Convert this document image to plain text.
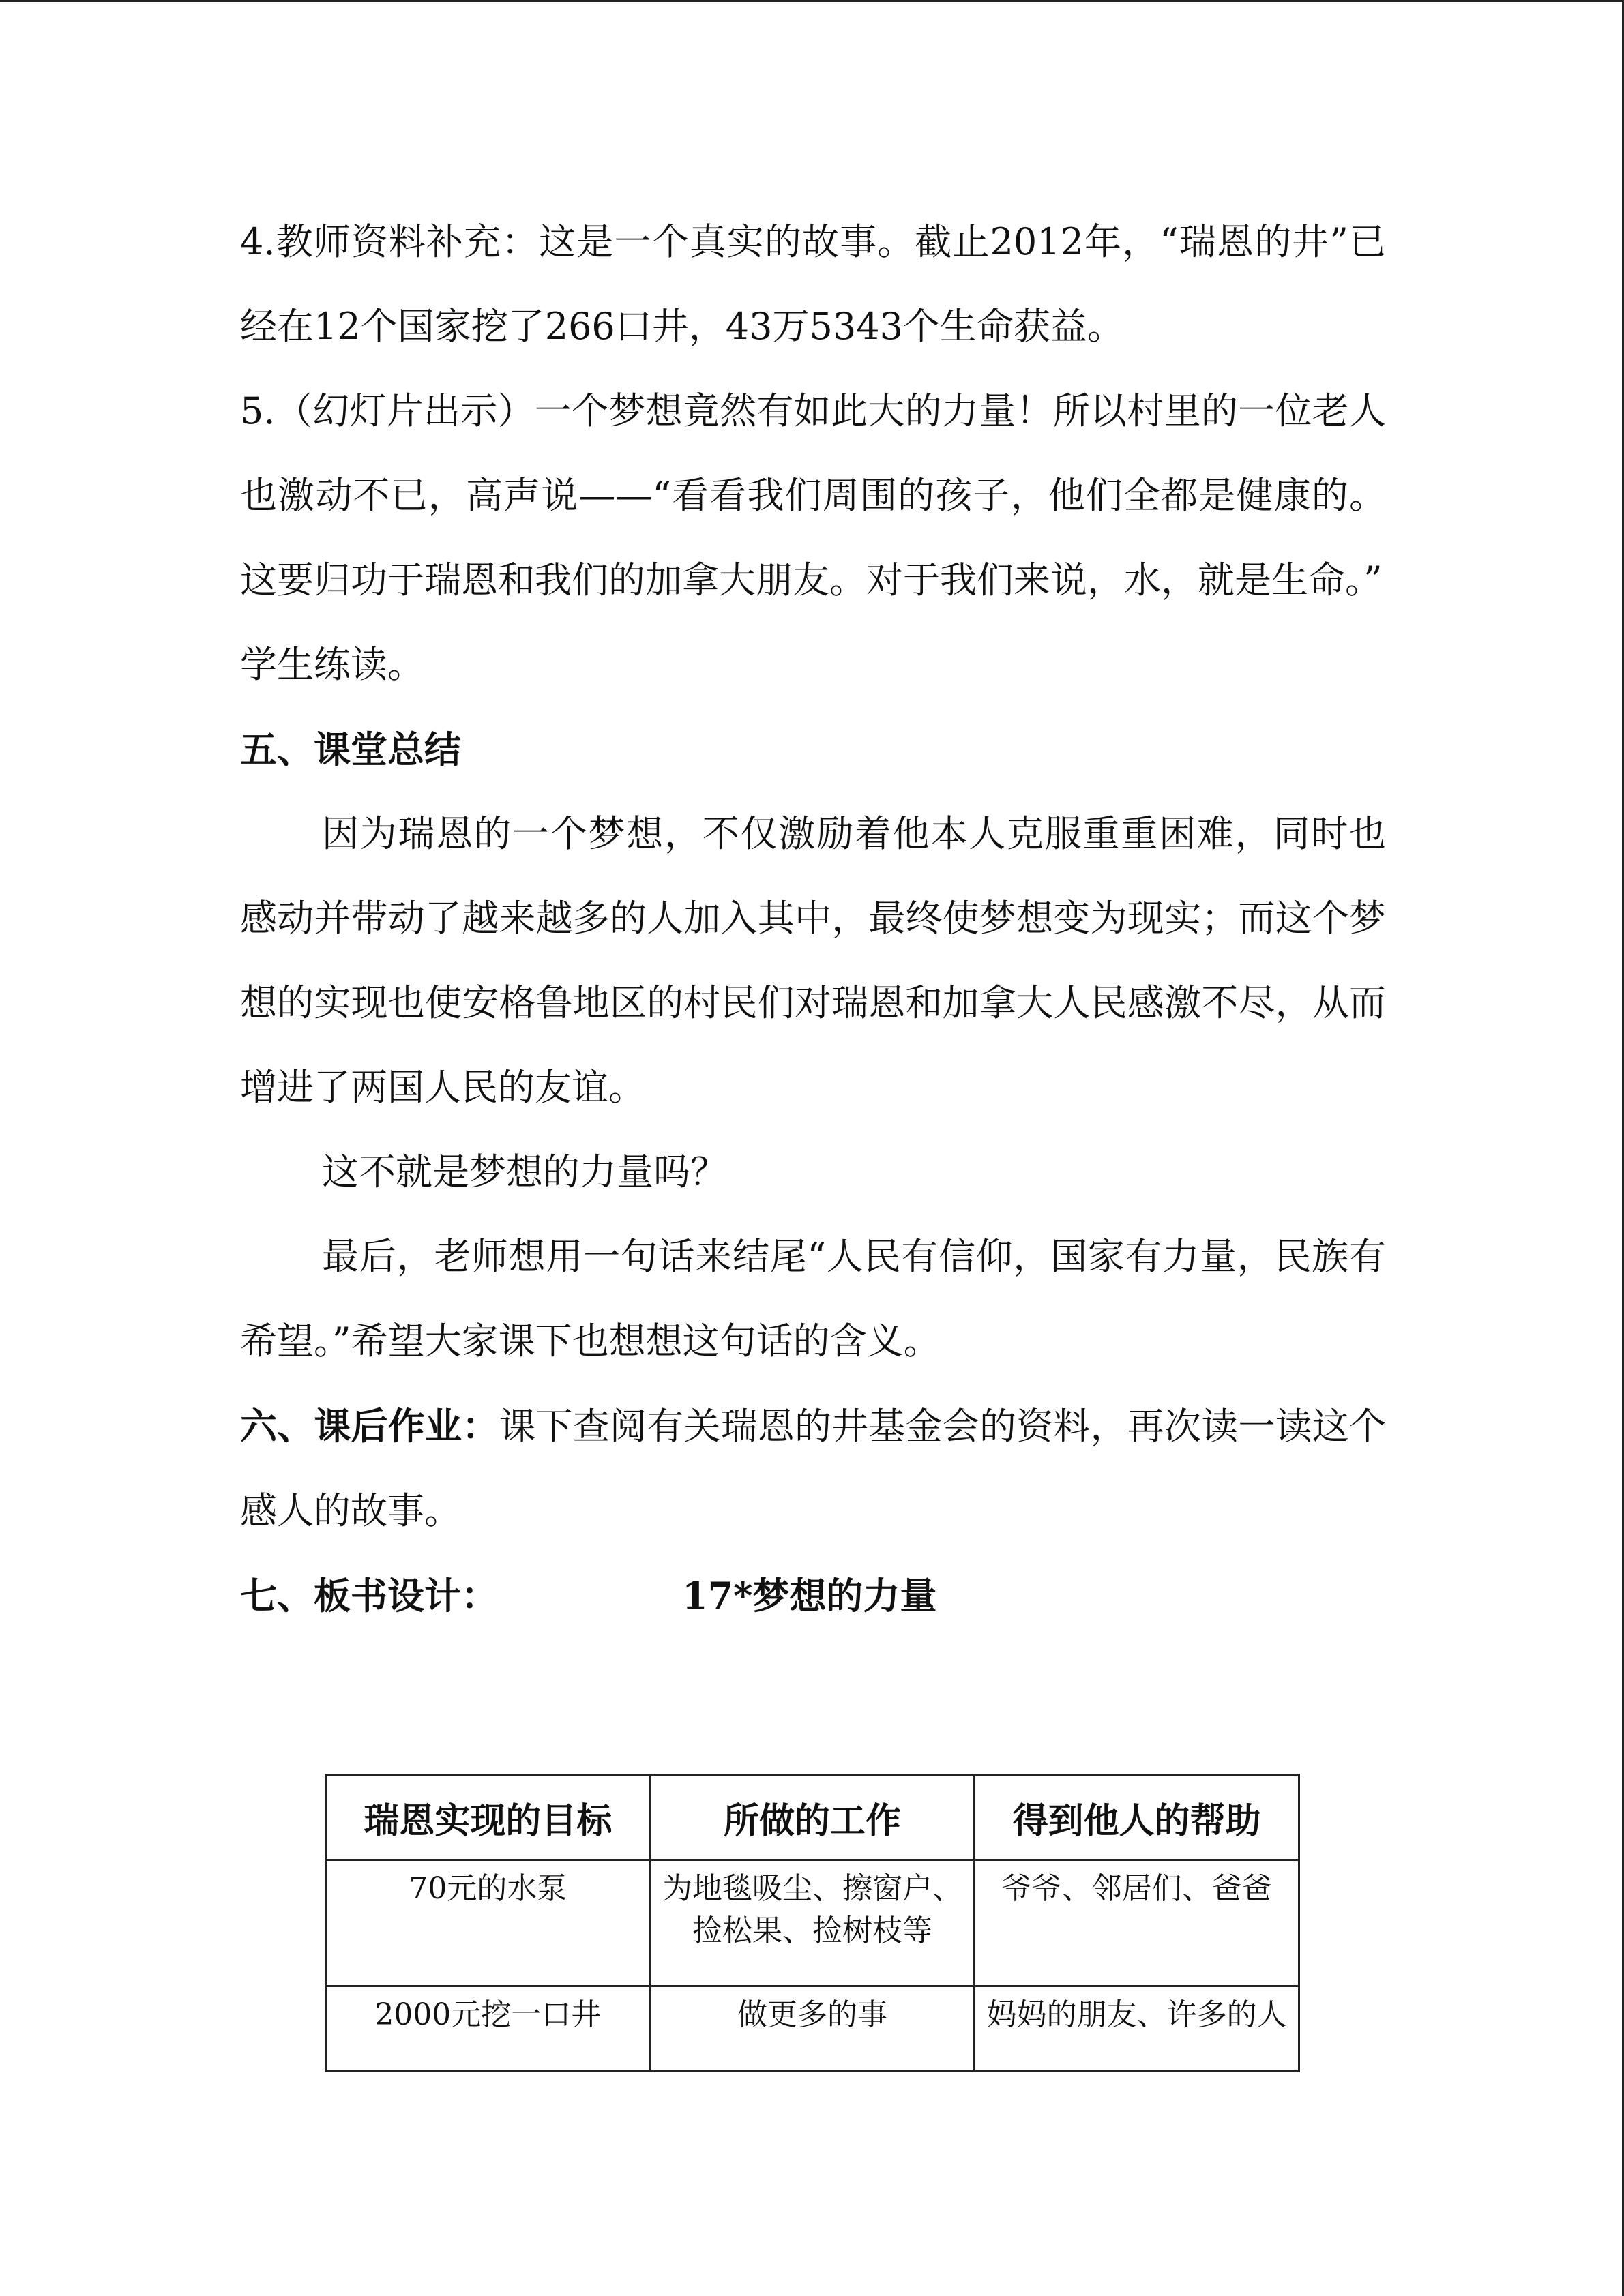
4.教师资料补充：这是一个真实的故事。截止2012年，“瑞恩的井”已经在12个国家挖了266口井，43万5343个生命获益。

5.（幻灯片出示）一个梦想竟然有如此大的力量！所以村里的一位老人也激动不已，高声说——“看看我们周围的孩子，他们全都是健康的。这要归功于瑞恩和我们的加拿大朋友。对于我们来说，水，就是生命。”

学生练读。

五、课堂总结

因为瑞恩的一个梦想，不仅激励着他本人克服重重困难，同时也感动并带动了越来越多的人加入其中，最终使梦想变为现实；而这个梦想的实现也使安格鲁地区的村民们对瑞恩和加拿大人民感激不尽，从而增进了两国人民的友谊。

这不就是梦想的力量吗？

最后，老师想用一句话来结尾“人民有信仰，国家有力量，民族有希望。”希望大家课下也想想这句话的含义。

六、课后作业：课下查阅有关瑞恩的井基金会的资料，再次读一读这个感人的故事。

七、板书设计：	17*梦想的力量

瑞恩实现的目标	所做的工作	得到他人的帮助
70元的水泵	为地毯吸尘、擦窗户、捡松果、捡树枝等	爷爷、邻居们、爸爸
2000元挖一口井	做更多的事	妈妈的朋友、许多的人
